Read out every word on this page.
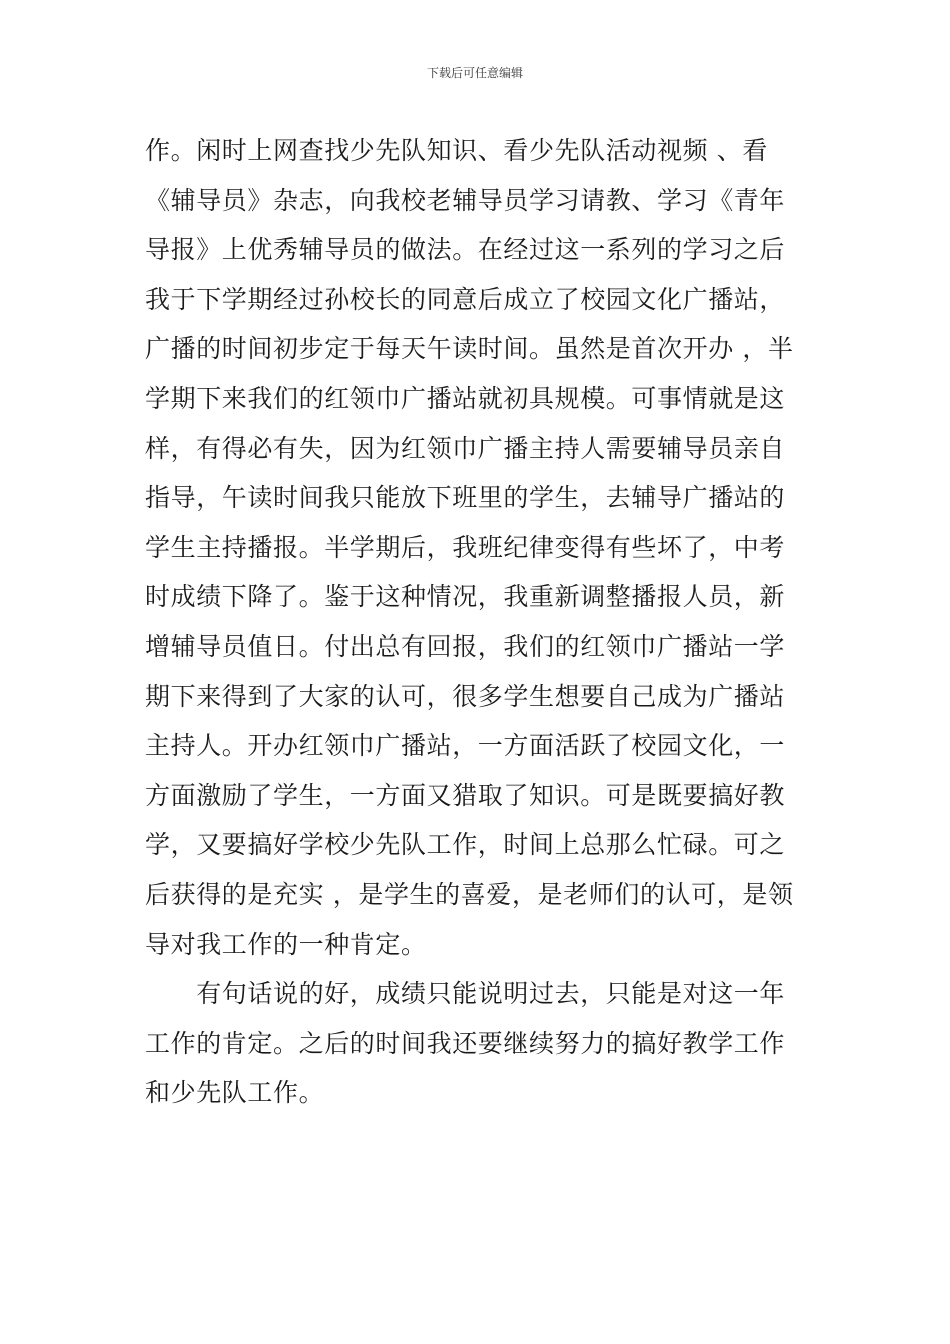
下载后可任意编辑
作。闲时上网查找少先队知识、看少先队活动视频 、看
《辅导员》杂志，向我校老辅导员学习请教、学习《青年
导报》上优秀辅导员的做法。在经过这一系列的学习之后
我于下学期经过孙校长的同意后成立了校园文化广播站，
广播的时间初步定于每天午读时间。虽然是首次开办 ，半
学期下来我们的红领巾广播站就初具规模。可事情就是这
样，有得必有失，因为红领巾广播主持人需要辅导员亲自
指导，午读时间我只能放下班里的学生，去辅导广播站的
学生主持播报。半学期后，我班纪律变得有些坏了，中考
时成绩下降了。鉴于这种情况，我重新调整播报人员，新
增辅导员值日。付出总有回报，我们的红领巾广播站一学
期下来得到了大家的认可，很多学生想要自己成为广播站
主持人。开办红领巾广播站，一方面活跃了校园文化，一
方面激励了学生，一方面又猎取了知识。可是既要搞好教
学，又要搞好学校少先队工作，时间上总那么忙碌。可之
后获得的是充实 ，是学生的喜爱，是老师们的认可，是领
导对我工作的一种肯定。
　　有句话说的好，成绩只能说明过去，只能是对这一年
工作的肯定。之后的时间我还要继续努力的搞好教学工作
和少先队工作。
